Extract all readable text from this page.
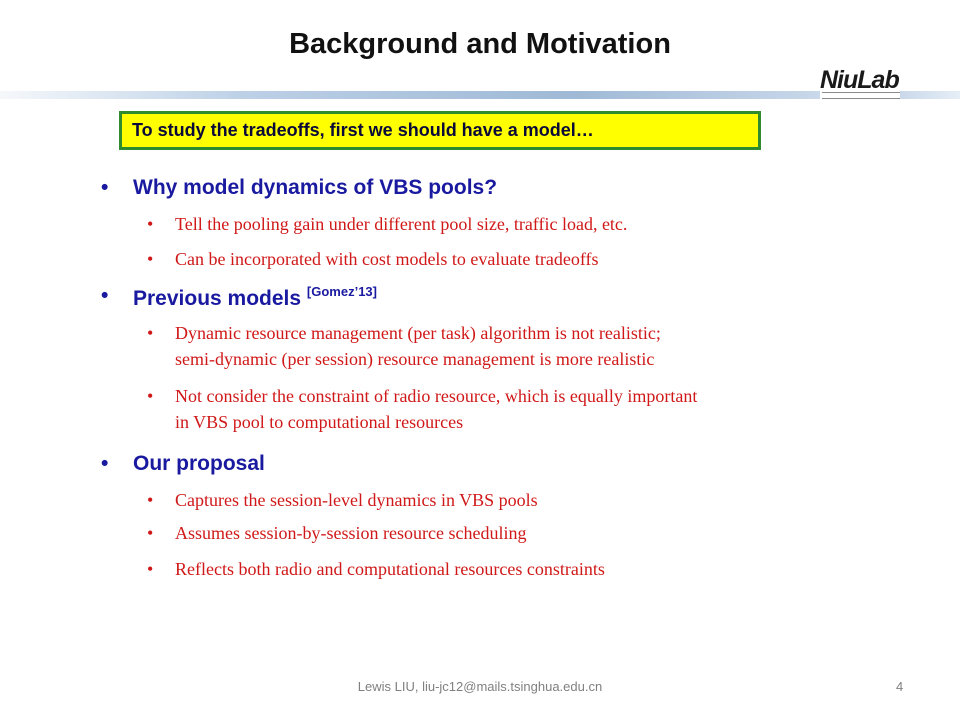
Background and Motivation
NiuLab
To study the tradeoffs, first we should have a model…
• Why model dynamics of VBS pools?
• Tell the pooling gain under different pool size, traffic load, etc.
• Can be incorporated with cost models to evaluate tradeoffs
• Previous models [Gomez’13]
• Dynamic resource management (per task) algorithm is not realistic;
semi-dynamic (per session) resource management is more realistic
• Not consider the constraint of radio resource, which is equally important
in VBS pool to computational resources
• Our proposal
• Captures the session-level dynamics in VBS pools
• Assumes session-by-session resource scheduling
• Reflects both radio and computational resources constraints
Lewis LIU, liu-jc12@mails.tsinghua.edu.cn	4
